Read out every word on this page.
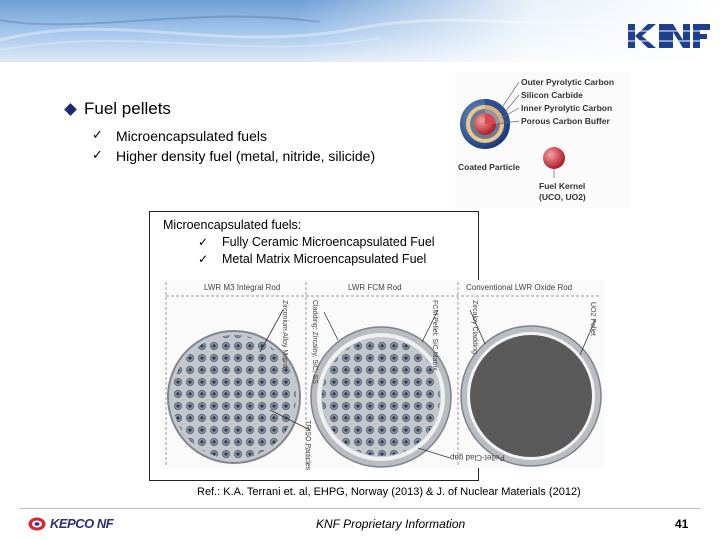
Fuel pellets
✓ Microencapsulated fuels
✓ Higher density fuel (metal, nitride, silicide)
Outer Pyrolytic Carbon
Silicon Carbide
Inner Pyrolytic Carbon
Porous Carbon Buffer
Coated Particle
Fuel Kernel
(UCO, UO2)
Microencapsulated fuels:
✓	Fully Ceramic Microencapsulated Fuel
✓	Metal Matrix Microencapsulated Fuel
LWR M3 Integral Rod	LWR FCM Rod	Conventional LWR Oxide Rod
Zirconium Alloy Matrix	Cladding: Zircaloy, SiC, SS	FCM Pellet: SiC Matrix	Zircaloy Cladding	UO2 Pellet
TRISO Particles	Pellet-Clad gap
Ref.: K.A. Terrani et. al, EHPG, Norway (2013) & J. of Nuclear Materials (2012)
KEPCO NF	KNF Proprietary Information	41
